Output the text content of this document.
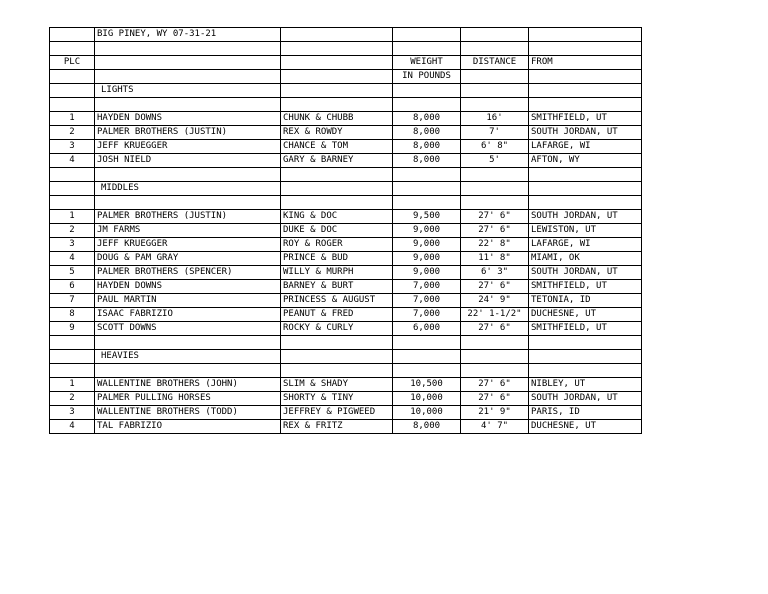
	BIG PINEY, WY 07-31-21				

PLC			WEIGHT	DISTANCE	FROM
			IN POUNDS		
	LIGHTS				

1	HAYDEN DOWNS	CHUNK & CHUBB	8,000	16'	SMITHFIELD, UT
2	PALMER BROTHERS (JUSTIN)	REX & ROWDY	8,000	7'	SOUTH JORDAN, UT
3	JEFF KRUEGGER	CHANCE & TOM	8,000	6' 8"	LAFARGE, WI
4	JOSH NIELD	GARY & BARNEY	8,000	5'	AFTON, WY

	MIDDLES				

1	PALMER BROTHERS (JUSTIN)	KING & DOC	9,500	27' 6"	SOUTH JORDAN, UT
2	JM FARMS	DUKE & DOC	9,000	27' 6"	LEWISTON, UT
3	JEFF KRUEGGER	ROY & ROGER	9,000	22' 8"	LAFARGE, WI
4	DOUG & PAM GRAY	PRINCE & BUD	9,000	11' 8"	MIAMI, OK
5	PALMER BROTHERS (SPENCER)	WILLY & MURPH	9,000	6' 3"	SOUTH JORDAN, UT
6	HAYDEN DOWNS	BARNEY & BURT	7,000	27' 6"	SMITHFIELD, UT
7	PAUL MARTIN	PRINCESS & AUGUST	7,000	24' 9"	TETONIA, ID
8	ISAAC FABRIZIO	PEANUT & FRED	7,000	22' 1-1/2"	DUCHESNE, UT
9	SCOTT DOWNS	ROCKY & CURLY	6,000	27' 6"	SMITHFIELD, UT

	HEAVIES				

1	WALLENTINE BROTHERS (JOHN)	SLIM & SHADY	10,500	27' 6"	NIBLEY, UT
2	PALMER PULLING HORSES	SHORTY & TINY	10,000	27' 6"	SOUTH JORDAN, UT
3	WALLENTINE BROTHERS (TODD)	JEFFREY & PIGWEED	10,000	21' 9"	PARIS, ID
4	TAL FABRIZIO	REX & FRITZ	8,000	4' 7"	DUCHESNE, UT
